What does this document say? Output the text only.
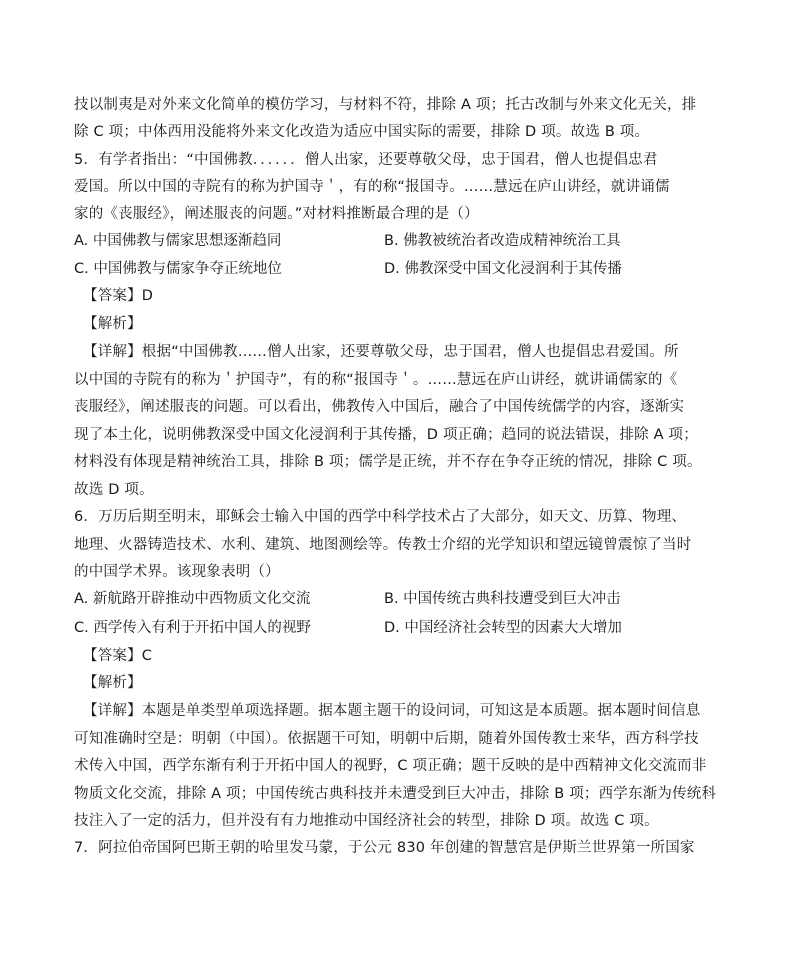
技以制夷是对外来文化简单的模仿学习，与材料不符，排除 A 项；托古改制与外来文化无关，排
除 C 项；中体西用没能将外来文化改造为适应中国实际的需要，排除 D 项。故选 B 项。
5．有学者指出：“中国佛教．．．．．．僧人出家，还要尊敬父母，忠于国君，僧人也提倡忠君
爱国。所以中国的寺院有的称为护国寺＇，有的称“报国寺。……慧远在庐山讲经，就讲诵儒
家的《丧服经》，阐述服丧的问题。”对材料推断最合理的是（）
A. 中国佛教与儒家思想逐渐趋同	B. 佛教被统治者改造成精神统治工具
C. 中国佛教与儒家争夺正统地位	D. 佛教深受中国文化浸润利于其传播
【答案】D
【解析】
【详解】根据“中国佛教……僧人出家，还要尊敬父母，忠于国君，僧人也提倡忠君爱国。所
以中国的寺院有的称为＇护国寺”，有的称“报国寺＇。……慧远在庐山讲经，就讲诵儒家的《
丧服经》，阐述服丧的问题。可以看出，佛教传入中国后，融合了中国传统儒学的内容，逐渐实
现了本土化，说明佛教深受中国文化浸润利于其传播，D 项正确；趋同的说法错误，排除 A 项；
材料没有体现是精神统治工具，排除 B 项；儒学是正统，并不存在争夺正统的情况，排除 C 项。
故选 D 项。
6．万历后期至明末，耶稣会士输入中国的西学中科学技术占了大部分，如天文、历算、物理、
地理、火器铸造技术、水利、建筑、地图测绘等。传教士介绍的光学知识和望远镜曾震惊了当时
的中国学术界。该现象表明（）
A. 新航路开辟推动中西物质文化交流	B. 中国传统古典科技遭受到巨大冲击
C. 西学传入有利于开拓中国人的视野	D. 中国经济社会转型的因素大大增加
【答案】C
【解析】
【详解】本题是单类型单项选择题。据本题主题干的设问词，可知这是本质题。据本题时间信息
可知准确时空是：明朝（中国）。依据题干可知，明朝中后期，随着外国传教士来华，西方科学技
术传入中国，西学东渐有利于开拓中国人的视野，C 项正确；题干反映的是中西精神文化交流而非
物质文化交流，排除 A 项；中国传统古典科技并未遭受到巨大冲击，排除 B 项；西学东渐为传统科
技注入了一定的活力，但并没有有力地推动中国经济社会的转型，排除 D 项。故选 C 项。
7．阿拉伯帝国阿巴斯王朝的哈里发马蒙，于公元 830 年创建的智慧宫是伊斯兰世界第一所国家
